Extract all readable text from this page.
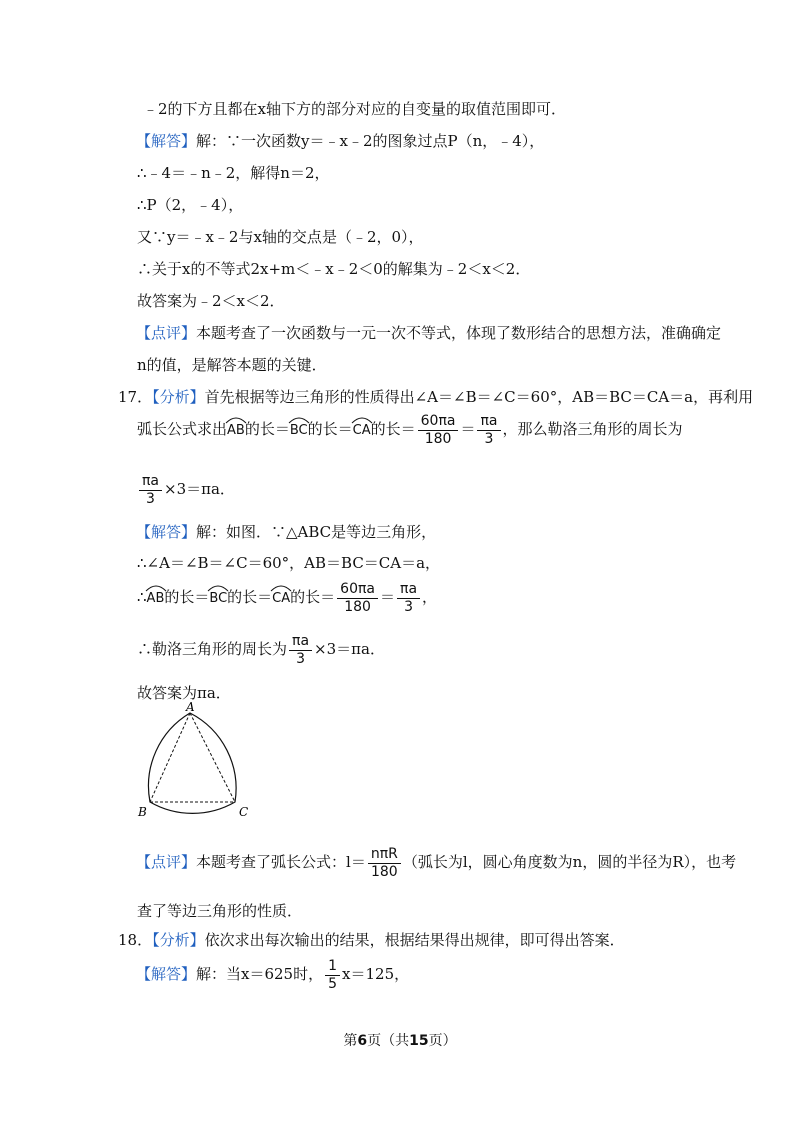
﹣2的下方且都在x轴下方的部分对应的自变量的取值范围即可．
【解答】解：∵一次函数y＝﹣x﹣2的图象过点P（n，﹣4），
∴﹣4＝﹣n﹣2，解得n＝2，
∴P（2，﹣4），
又∵y＝﹣x﹣2与x轴的交点是（﹣2，0），
∴关于x的不等式2x+m＜﹣x﹣2＜0的解集为﹣2＜x＜2．
故答案为﹣2＜x＜2．
【点评】本题考查了一次函数与一元一次不等式，体现了数形结合的思想方法，准确确定
n的值，是解答本题的关键．
17．【分析】首先根据等边三角形的性质得出∠A＝∠B＝∠C＝60°，AB＝BC＝CA＝a，再利用
弧长公式求出
AB的长＝
BC的长＝
CA的长＝ $\frac{60\pi a}{180} = \frac{\pi a}{3}$ ，那么勒洛三角形的周长为
$\frac{\pi a}{3} \times 3=\pi a$．
【解答】解：如图．∵△ABC是等边三角形，
∴∠A＝∠B＝∠C＝60°，AB＝BC＝CA＝a，
∴
AB的长＝
BC的长＝
CA的长＝ $\frac{60\pi a}{180} = \frac{\pi a}{3}$ ，
∴勒洛三角形的周长为 $\frac{\pi a}{3} \times 3=\pi a$．
故答案为πa．
A
B	C
【点评】本题考查了弧长公式：$l= \frac{\text{nπR}}{180}$ （弧长为l，圆心角度数为n，圆的半径为R），也考
查了等边三角形的性质．
18．【分析】依次求出每次输出的结果，根据结果得出规律，即可得出答案．
【解答】解：当x＝625时， $\frac{1}{5} x=125$，
第6页（共15页）
